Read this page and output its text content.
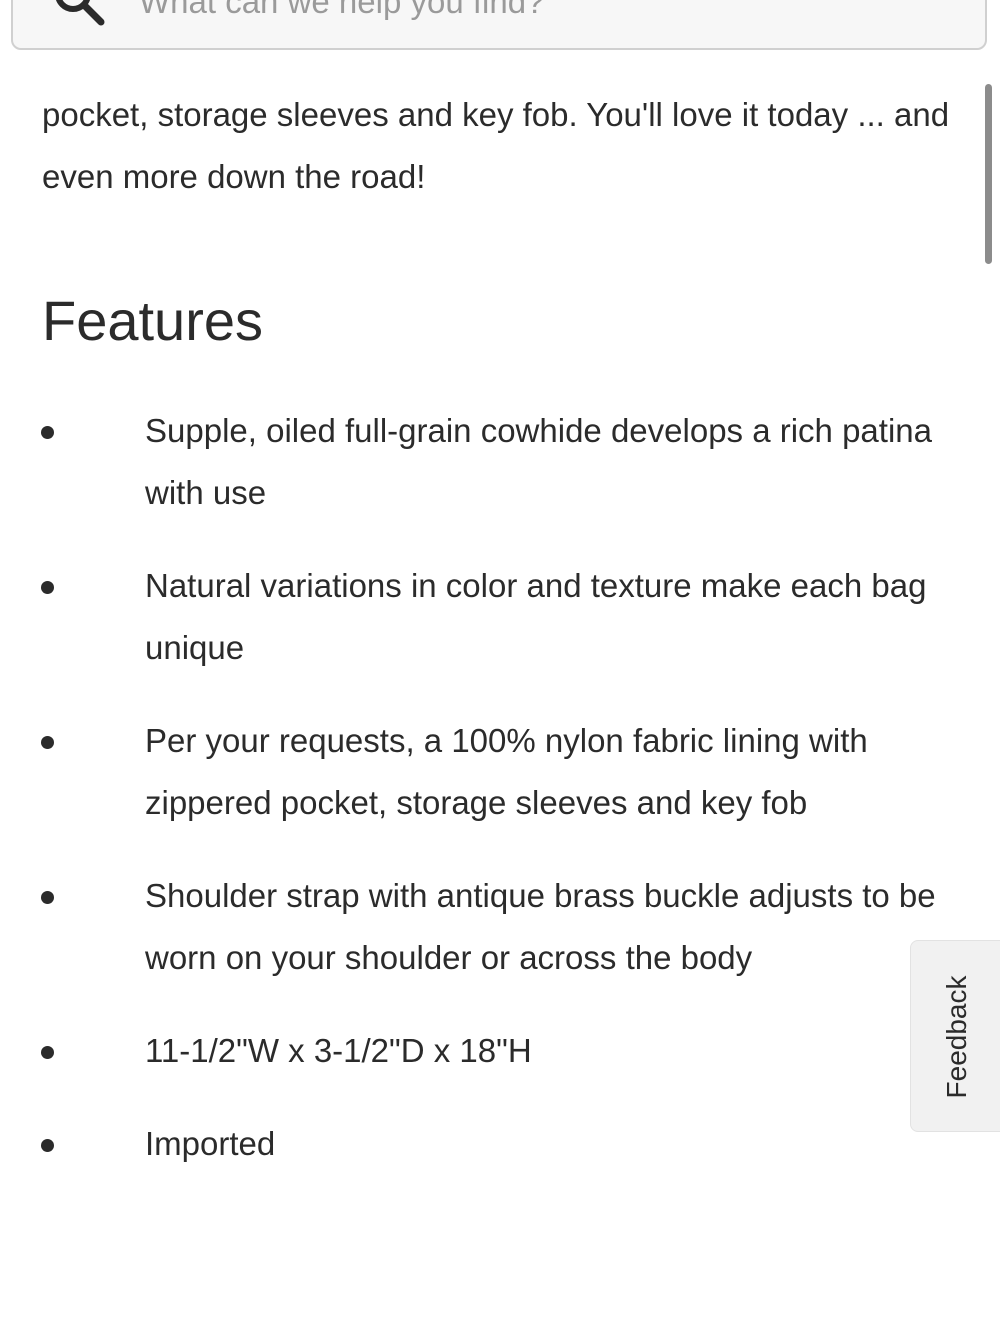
What can we help you find?

pocket, storage sleeves and key fob. You'll love it today ... and even more down the road!

Features
Supple, oiled full-grain cowhide develops a rich patina with use
Natural variations in color and texture make each bag unique
Per your requests, a 100% nylon fabric lining with zippered pocket, storage sleeves and key fob
Shoulder strap with antique brass buckle adjusts to be worn on your shoulder or across the body
11-1/2"W x 3-1/2"D x 18"H
Imported
Feedback
